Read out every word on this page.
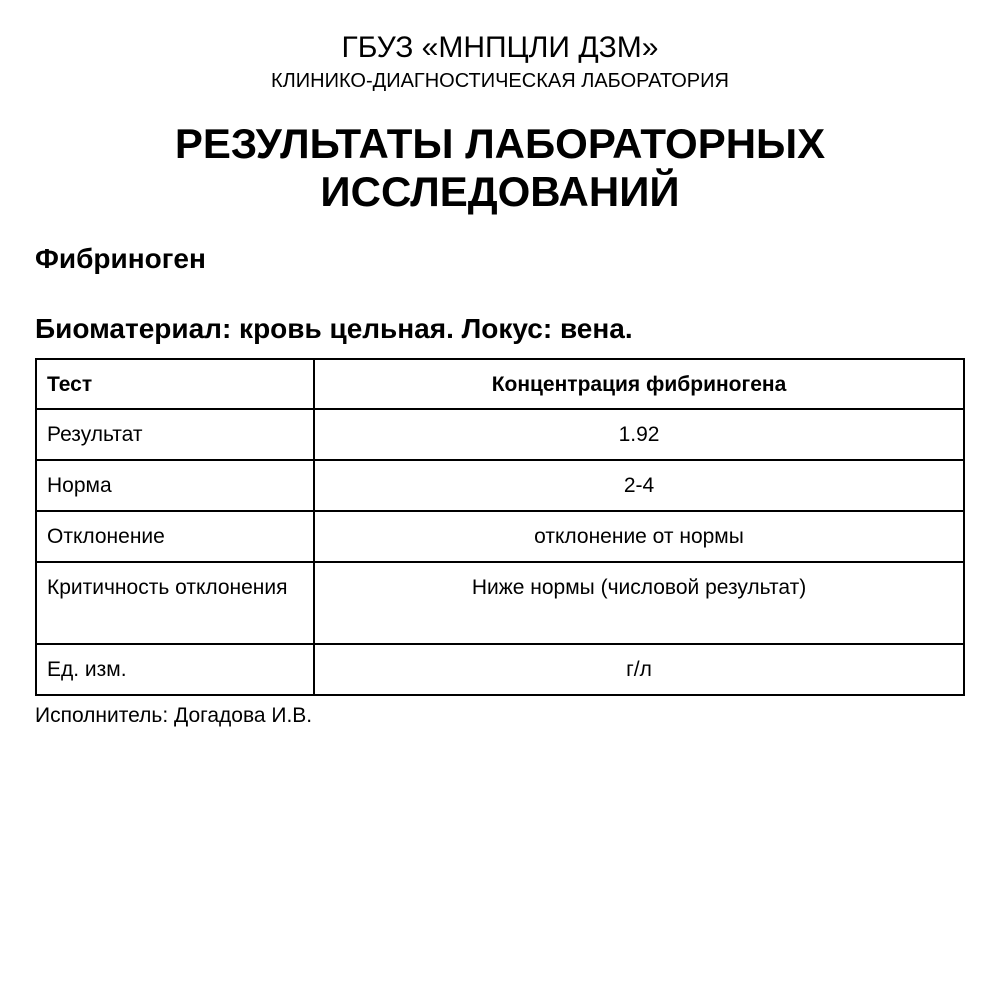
ГБУЗ «МНПЦЛИ ДЗМ»
КЛИНИКО-ДИАГНОСТИЧЕСКАЯ ЛАБОРАТОРИЯ
РЕЗУЛЬТАТЫ ЛАБОРАТОРНЫХ
ИССЛЕДОВАНИЙ
Фибриноген
Биоматериал: кровь цельная. Локус: вена.
Тест	Концентрация фибриногена
Результат	1.92
Норма	2-4
Отклонение	отклонение от нормы
Критичность отклонения	Ниже нормы (числовой результат)
Ед. изм.	г/л
Исполнитель: Догадова И.В.
